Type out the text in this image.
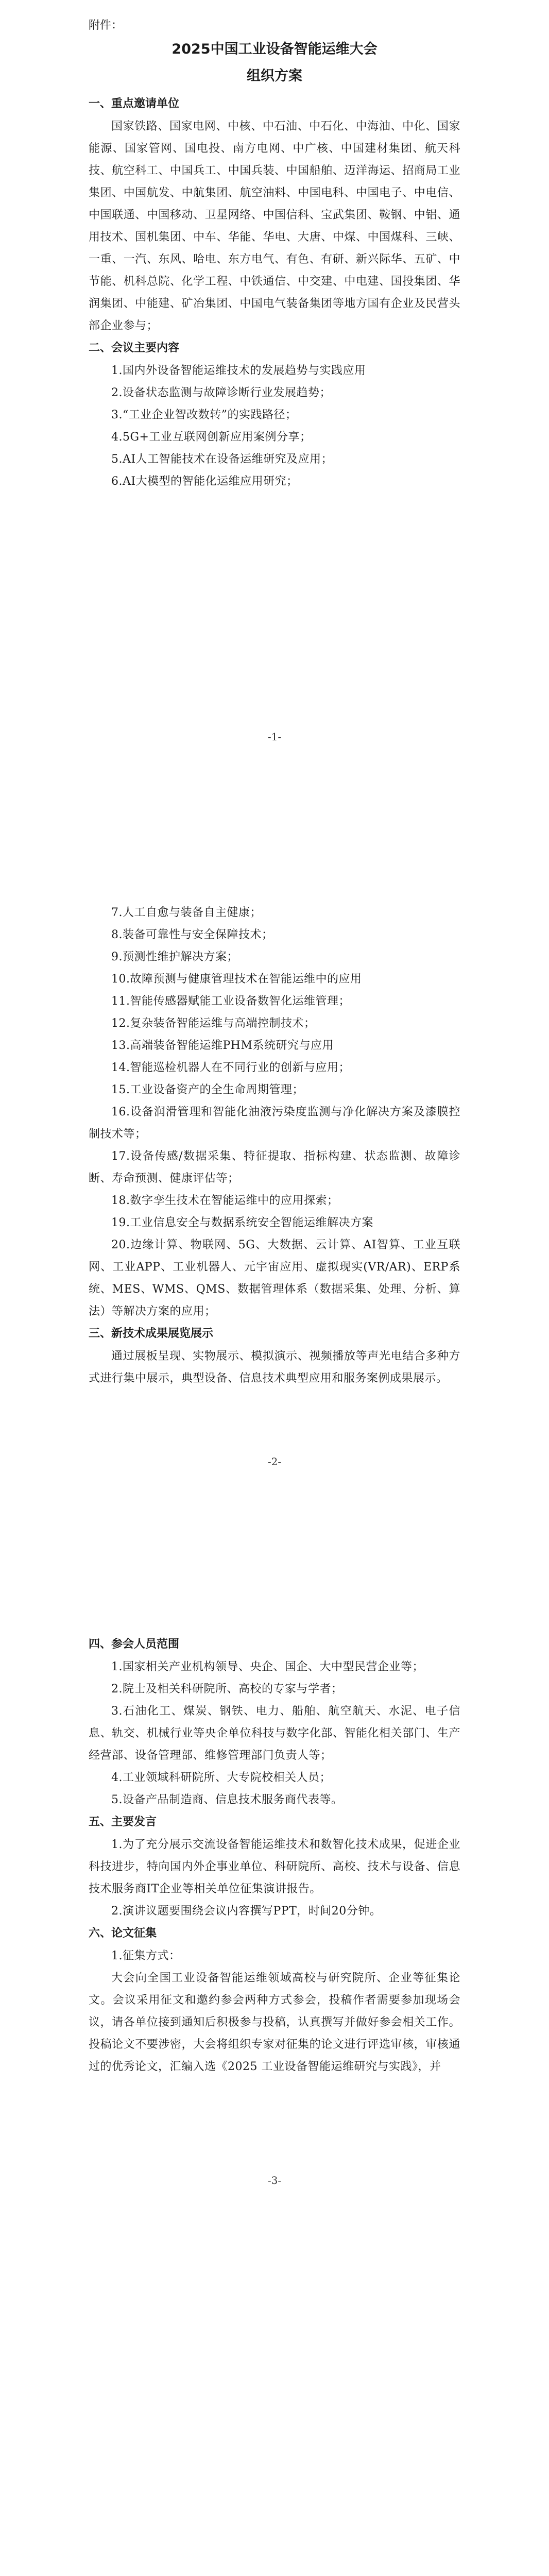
附件：

2025中国工业设备智能运维大会

组织方案

一、重点邀请单位

国家铁路、国家电网、中核、中石油、中石化、中海油、中化、国家能源、国家管网、国电投、南方电网、中广核、中国建材集团、航天科技、航空科工、中国兵工、中国兵装、中国船舶、迈洋海运、招商局工业集团、中国航发、中航集团、航空油料、中国电科、中国电子、中电信、中国联通、中国移动、卫星网络、中国信科、宝武集团、鞍钢、中铝、通用技术、国机集团、中车、华能、华电、大唐、中煤、中国煤科、三峡、一重、一汽、东风、哈电、东方电气、有色、有研、新兴际华、五矿、中节能、机科总院、化学工程、中铁通信、中交建、中电建、国投集团、华润集团、中能建、矿冶集团、中国电气装备集团等地方国有企业及民营头部企业参与；

二、会议主要内容

1.国内外设备智能运维技术的发展趋势与实践应用
2.设备状态监测与故障诊断行业发展趋势；
3.“工业企业智改数转”的实践路径；
4.5G+工业互联网创新应用案例分享；
5.AI人工智能技术在设备运维研究及应用；
6.AI大模型的智能化运维应用研究；
-1-
7.人工自愈与装备自主健康；
8.装备可靠性与安全保障技术；
9.预测性维护解决方案；
10.故障预测与健康管理技术在智能运维中的应用
11.智能传感器赋能工业设备数智化运维管理；
12.复杂装备智能运维与高端控制技术；
13.高端装备智能运维PHM系统研究与应用
14.智能巡检机器人在不同行业的创新与应用；
15.工业设备资产的全生命周期管理；
16.设备润滑管理和智能化油液污染度监测与净化解决方案及漆膜控制技术等；
17.设备传感/数据采集、特征提取、指标构建、状态监测、故障诊断、寿命预测、健康评估等；
18.数字孪生技术在智能运维中的应用探索；
19.工业信息安全与数据系统安全智能运维解决方案
20.边缘计算、物联网、5G、大数据、云计算、AI智算、工业互联网、工业APP、工业机器人、元宇宙应用、虚拟现实(VR/AR)、ERP系统、MES、WMS、QMS、数据管理体系（数据采集、处理、分析、算法）等解决方案的应用；

三、新技术成果展览展示

通过展板呈现、实物展示、模拟演示、视频播放等声光电结合多种方式进行集中展示，典型设备、信息技术典型应用和服务案例成果展示。

-2-

四、参会人员范围

1.国家相关产业机构领导、央企、国企、大中型民营企业等；
2.院士及相关科研院所、高校的专家与学者；
3.石油化工、煤炭、钢铁、电力、船舶、航空航天、水泥、电子信息、轨交、机械行业等央企单位科技与数字化部、智能化相关部门、生产经营部、设备管理部、维修管理部门负责人等；
4.工业领域科研院所、大专院校相关人员；
5.设备产品制造商、信息技术服务商代表等。

五、主要发言

1.为了充分展示交流设备智能运维技术和数智化技术成果，促进企业科技进步，特向国内外企事业单位、科研院所、高校、技术与设备、信息技术服务商IT企业等相关单位征集演讲报告。

2.演讲议题要围绕会议内容撰写PPT，时间20分钟。

六、论文征集

1.征集方式：

大会向全国工业设备智能运维领域高校与研究院所、企业等征集论文。会议采用征文和邀约参会两种方式参会，投稿作者需要参加现场会议，请各单位接到通知后积极参与投稿，认真撰写并做好参会相关工作。投稿论文不要涉密，大会将组织专家对征集的论文进行评选审核，审核通过的优秀论文，汇编入选《2025 工业设备智能运维研究与实践》，并

-3-
